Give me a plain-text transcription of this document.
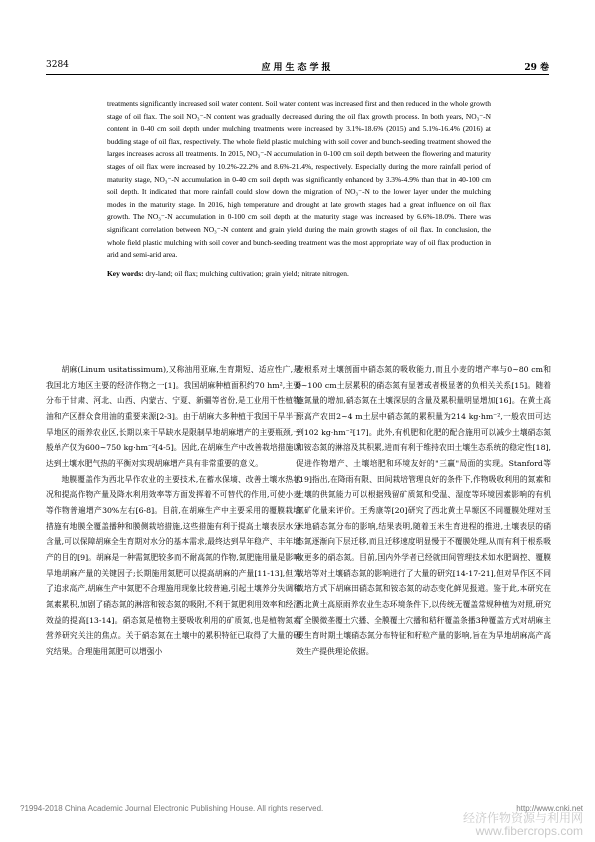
3284	应用生态学报	29 卷

treatments significantly increased soil water content. Soil water content was increased first and then reduced in the whole growth stage of oil flax. The soil NO₃⁻-N content was gradually decreased during the oil flax growth process. In both years, NO₃⁻-N content in 0-40 cm soil depth under mulching treatments were increased by 3.1%-18.6% (2015) and 5.1%-16.4% (2016) at budding stage of oil flax, respectively. The whole field plastic mulching with soil cover and bunch-seeding treatment showed the larges increases across all treatments. In 2015, NO₃⁻-N accumulation in 0-100 cm soil depth between the flowering and maturity stages of oil flax were increased by 10.2%-22.2% and 8.6%-21.4%, respectively. Especially during the more rainfall period of maturity stage, NO₃⁻-N accumulation in 0-40 cm soil depth was significantly enhanced by 3.3%-4.9% than that in 40-100 cm soil depth. It indicated that more rainfall could slow down the migration of NO₃⁻-N to the lower layer under the mulching modes in the maturity stage. In 2016, high temperature and drought at late growth stages had a great influence on oil flax growth. The NO₃⁻-N accumulation in 0-100 cm soil depth at the maturity stage was increased by 6.6%-18.0%. There was significant correlation between NO₃⁻-N content and grain yield during the main growth stages of oil flax. In conclusion, the whole field plastic mulching with soil cover and bunch-seeding treatment was the most appropriate way of oil flax production in arid and semi-arid area.

Key words: dry-land; oil flax; mulching cultivation; grain yield; nitrate nitrogen.

胡麻(Linum usitatissimum),又称油用亚麻,生育期短、适应性广,是我国北方地区主要的经济作物之一[1]。我国胡麻种植面积约70 hm²,主要分布于甘肃、河北、山西、内蒙古、宁夏、新疆等省份,是工业用干性植物油和产区群众食用油的重要来源[2-3]。由于胡麻大多种植于我国干旱半干旱地区的雨养农业区,长期以来干旱缺水是限制旱地胡麻增产的主要瓶颈,一般单产仅为600~750 kg·hm⁻²[4-5]。因此,在胡麻生产中改善栽培措施以达到土壤水肥气热的平衡对实现胡麻增产具有非常重要的意义。

地膜覆盖作为西北旱作农业的主要技术,在蓄水保墒、改善土壤水热状况和提高作物产量及降水利用效率等方面发挥着不可替代的作用,可使小麦等作物普遍增产30%左右[6-8]。目前,在胡麻生产中主要采用的覆膜栽培措施有地膜全覆盖播种和膜侧栽培措施,这些措施有利于提高土壤表层水分含量,可以保障胡麻全生育期对水分的基本需求,最终达到旱年稳产、丰年增产的目的[9]。胡麻是一种需氮肥较多而不耐高氮的作物,氮肥施用量是影响旱地胡麻产量的关键因子;长期施用氮肥可以提高胡麻的产量[11-13],但为了追求高产,胡麻生产中氮肥不合理施用现象比较普遍,引起土壤养分失调和氮素累积,加剧了硝态氮的淋溶和铵态氮的吸附,不利于氮肥利用效率和经济效益的提高[13-14]。硝态氮是植物主要吸收利用的矿质氮,也是植物氮素营养研究关注的焦点。关于硝态氮在土壤中的累积特征已取得了大量的研究结果。合理施用氮肥可以增强小

麦根系对土壤剖面中硝态氮的吸收能力,而且小麦的增产率与0~80 cm和0~100 cm土层累积的硝态氮有显著或者极显著的负相关关系[15]。随着施氮量的增加,硝态氮在土壤深层的含量及累积量明显增加[16]。在黄土高原高产农田2~4 m土层中硝态氮的累积量为214 kg·hm⁻²,一般农田可达到102 kg·hm⁻²[17]。此外,有机肥和化肥的配合施用可以减少土壤硝态氮和铵态氮的淋溶及其积累,进而有利于维持农田土壤生态系统的稳定性[18],促进作物增产、土壤培肥和环境友好的"三赢"局面的实现。Stanford等[19]指出,在降雨有限、田间栽培管理良好的条件下,作物吸收利用的氮素和土壤的供氮能力可以根据残留矿质氮和受温、湿度等环境因素影响的有机氮矿化量来评价。王秀康等[20]研究了西北黄土旱塬区不同覆膜处理对玉米地硝态氮分布的影响,结果表明,随着玉米生育进程的推进,土壤表层的硝态氮逐渐向下层迁移,而且迁移速度明显慢于不覆膜处理,从而有利于根系吸收更多的硝态氮。目前,国内外学者已经就田间管理技术如水肥调控、覆膜栽培等对土壤硝态氮的影响进行了大量的研究[14-17-21],但对旱作区不同栽培方式下胡麻田硝态氮和铵态氮的动态变化鲜见报道。鉴于此,本研究在西北黄土高原雨养农业生态环境条件下,以传统无覆盖常规种植为对照,研究了全膜微垄覆土穴播、全膜覆土穴播和秸秆覆盖条播3种覆盖方式对胡麻主要生育时期土壤硝态氮分布特征和籽粒产量的影响,旨在为旱地胡麻高产高效生产提供理论依据。

?1994-2018 China Academic Journal Electronic Publishing House. All rights reserved.	http://www.cnki.net
经济作物资源与利用网
www.fibercrops.com
